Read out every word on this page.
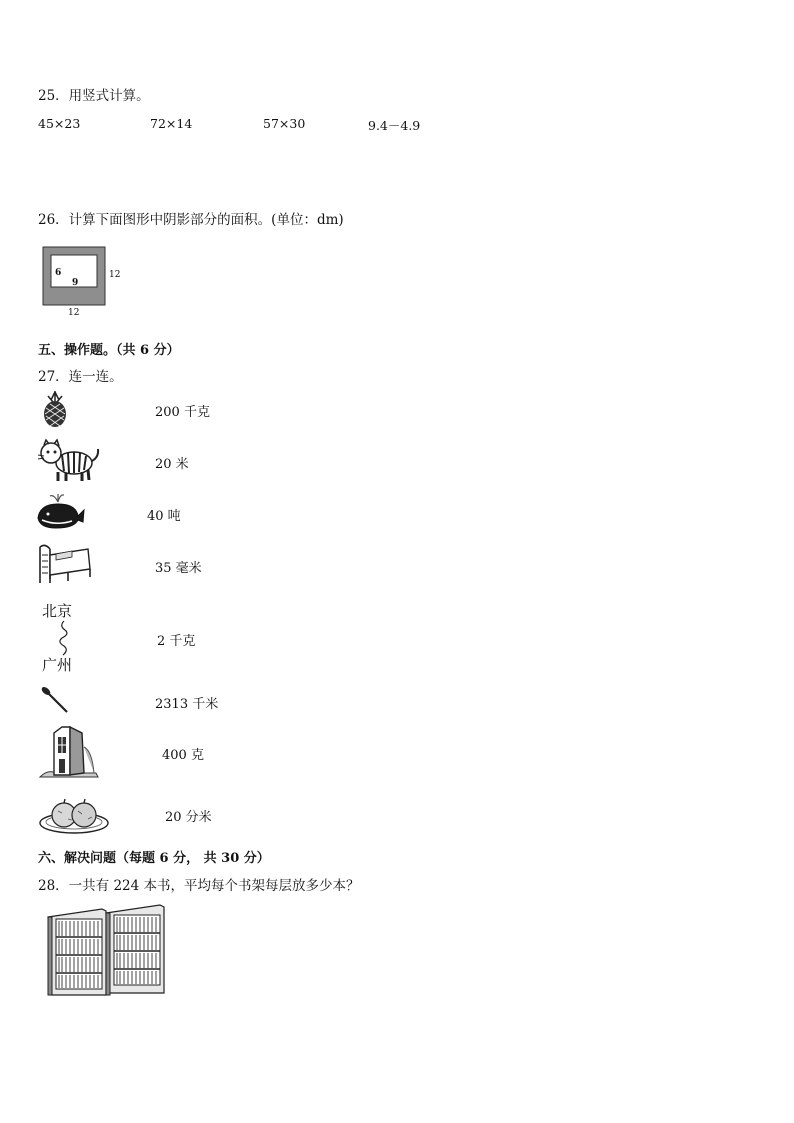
25．用竖式计算。
45×23	72×14	57×30	9.4－4.9
26．计算下面图形中阴影部分的面积。(单位：dm)
6
9
12
12
五、操作题。（共 6 分）
27．连一连。
200 千克
20 米
40 吨
35 毫米
北京
广州
2 千克
2313 千米
400 克
20 分米
六、解决问题（每题 6 分， 共 30 分）
28．一共有 224 本书，平均每个书架每层放多少本？
